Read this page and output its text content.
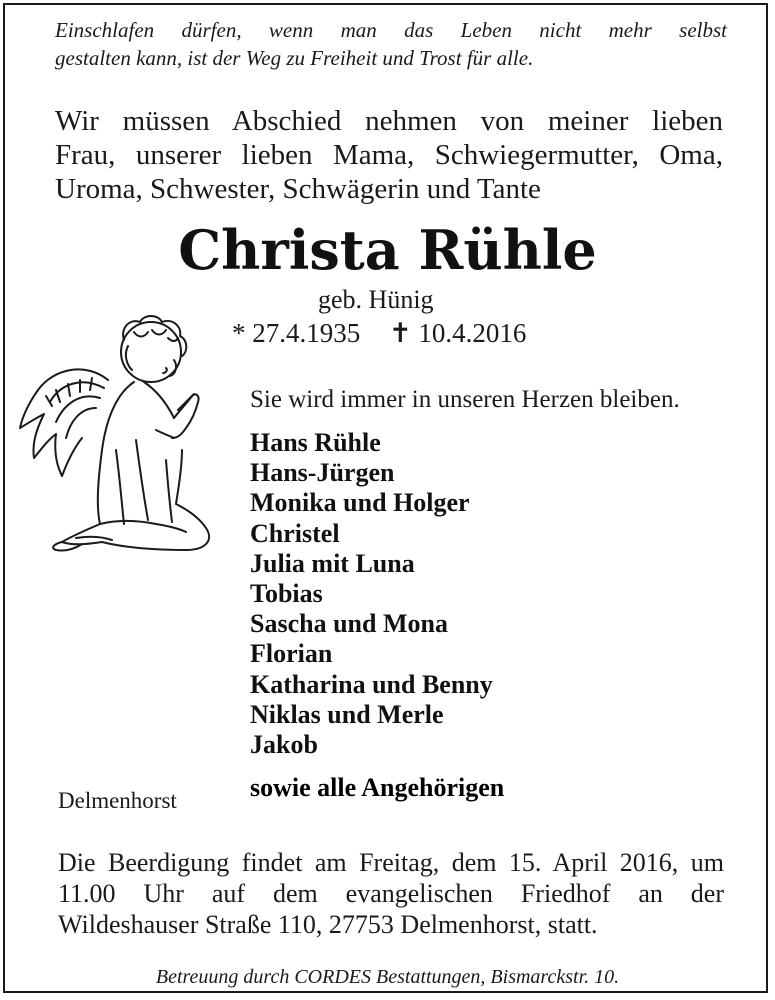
Einschlafen dürfen, wenn man das Leben nicht mehr selbst
gestalten kann, ist der Weg zu Freiheit und Trost für alle.
Wir müssen Abschied nehmen von meiner lieben
Frau, unserer lieben Mama, Schwiegermutter, Oma,
Uroma, Schwester, Schwägerin und Tante
Christa Rühle
geb. Hünig
* 27.4.1935 ✝ 10.4.2016
Sie wird immer in unseren Herzen bleiben.
Hans Rühle
Hans-Jürgen
Monika und Holger
Christel
Julia mit Luna
Tobias
Sascha und Mona
Florian
Katharina und Benny
Niklas und Merle
Jakob
sowie alle Angehörigen
Delmenhorst
Die Beerdigung findet am Freitag, dem 15. April 2016, um
11.00 Uhr auf dem evangelischen Friedhof an der
Wildeshauser Straße 110, 27753 Delmenhorst, statt.
Betreuung durch CORDES Bestattungen, Bismarckstr. 10.
